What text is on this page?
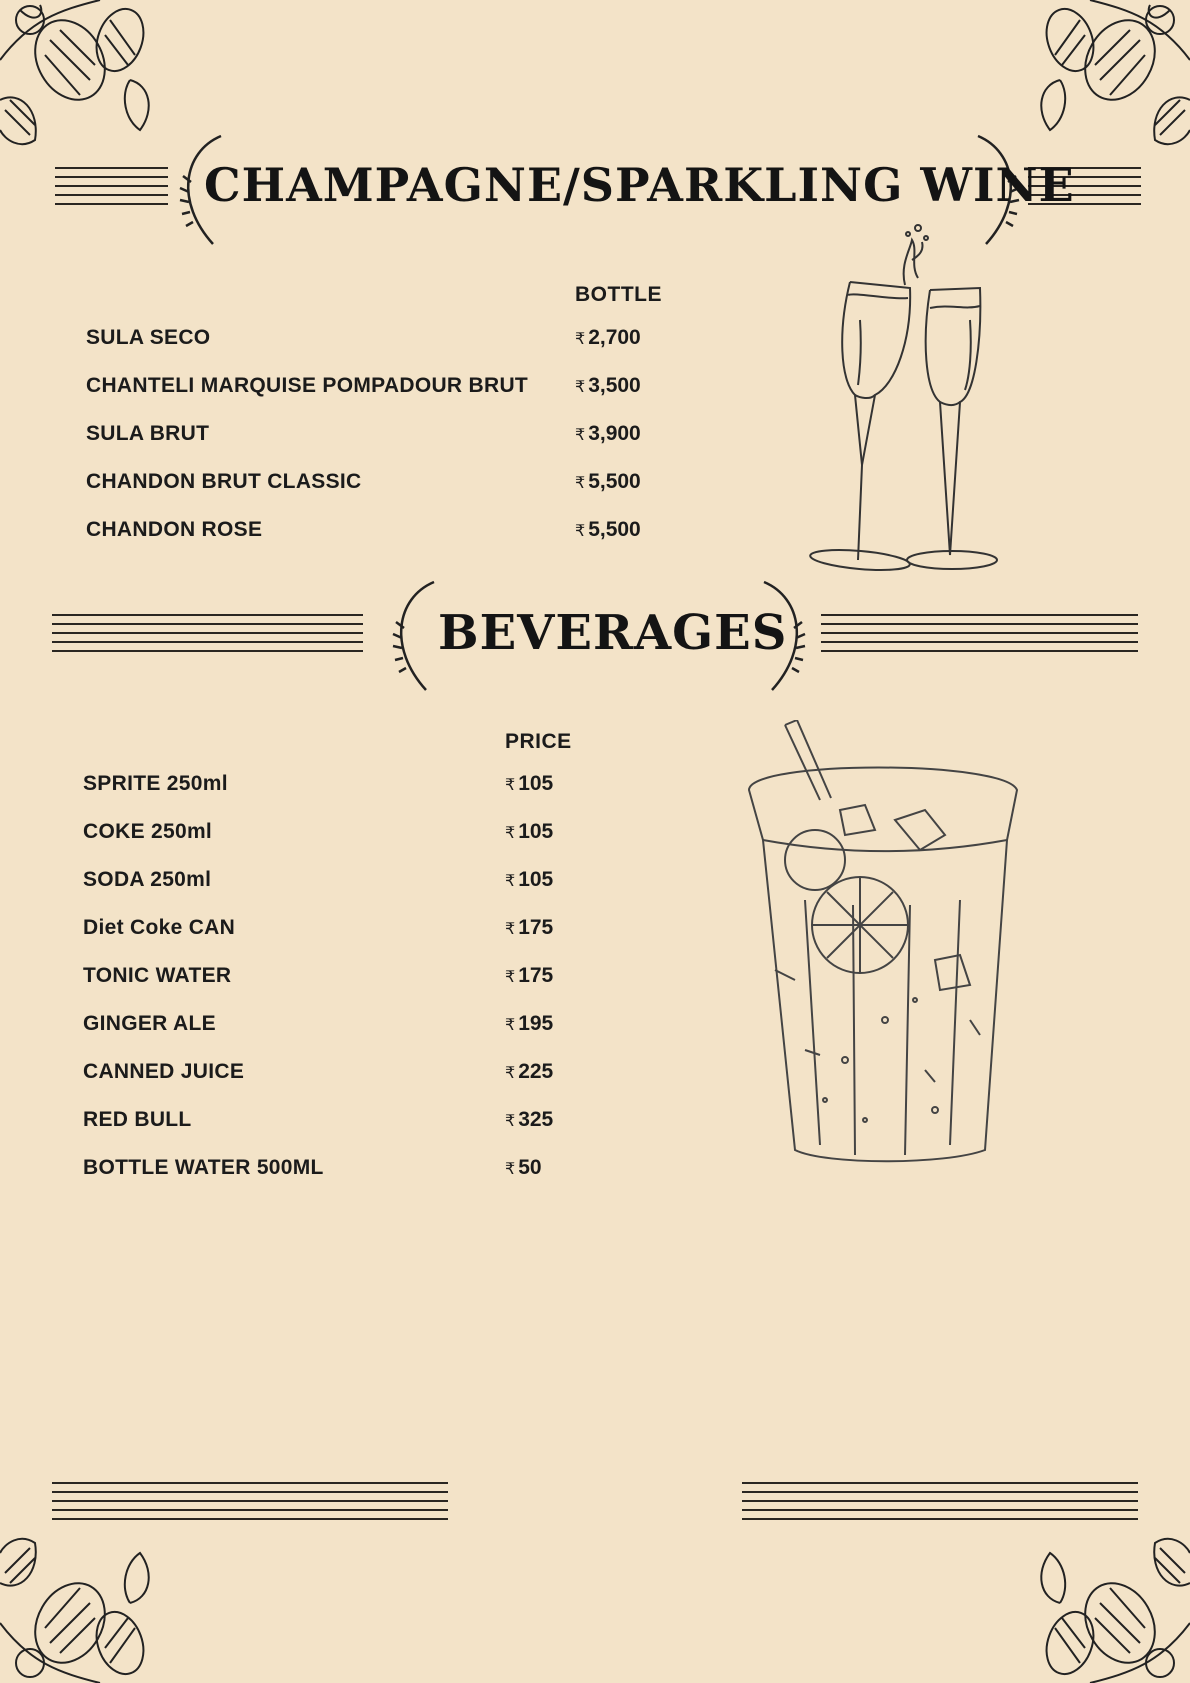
CHAMPAGNE/SPARKLING WINE
BOTTLE
SULA SECO	₹ 2,700
CHANTELI MARQUISE POMPADOUR BRUT	₹ 3,500
SULA BRUT	₹ 3,900
CHANDON BRUT CLASSIC	₹ 5,500
CHANDON ROSE	₹ 5,500
BEVERAGES
PRICE
SPRITE 250ml	₹ 105
COKE 250ml	₹ 105
SODA 250ml	₹ 105
Diet Coke CAN	₹ 175
TONIC WATER	₹ 175
GINGER ALE	₹ 195
CANNED JUICE	₹ 225
RED BULL	₹ 325
BOTTLE WATER 500ML	₹ 50
